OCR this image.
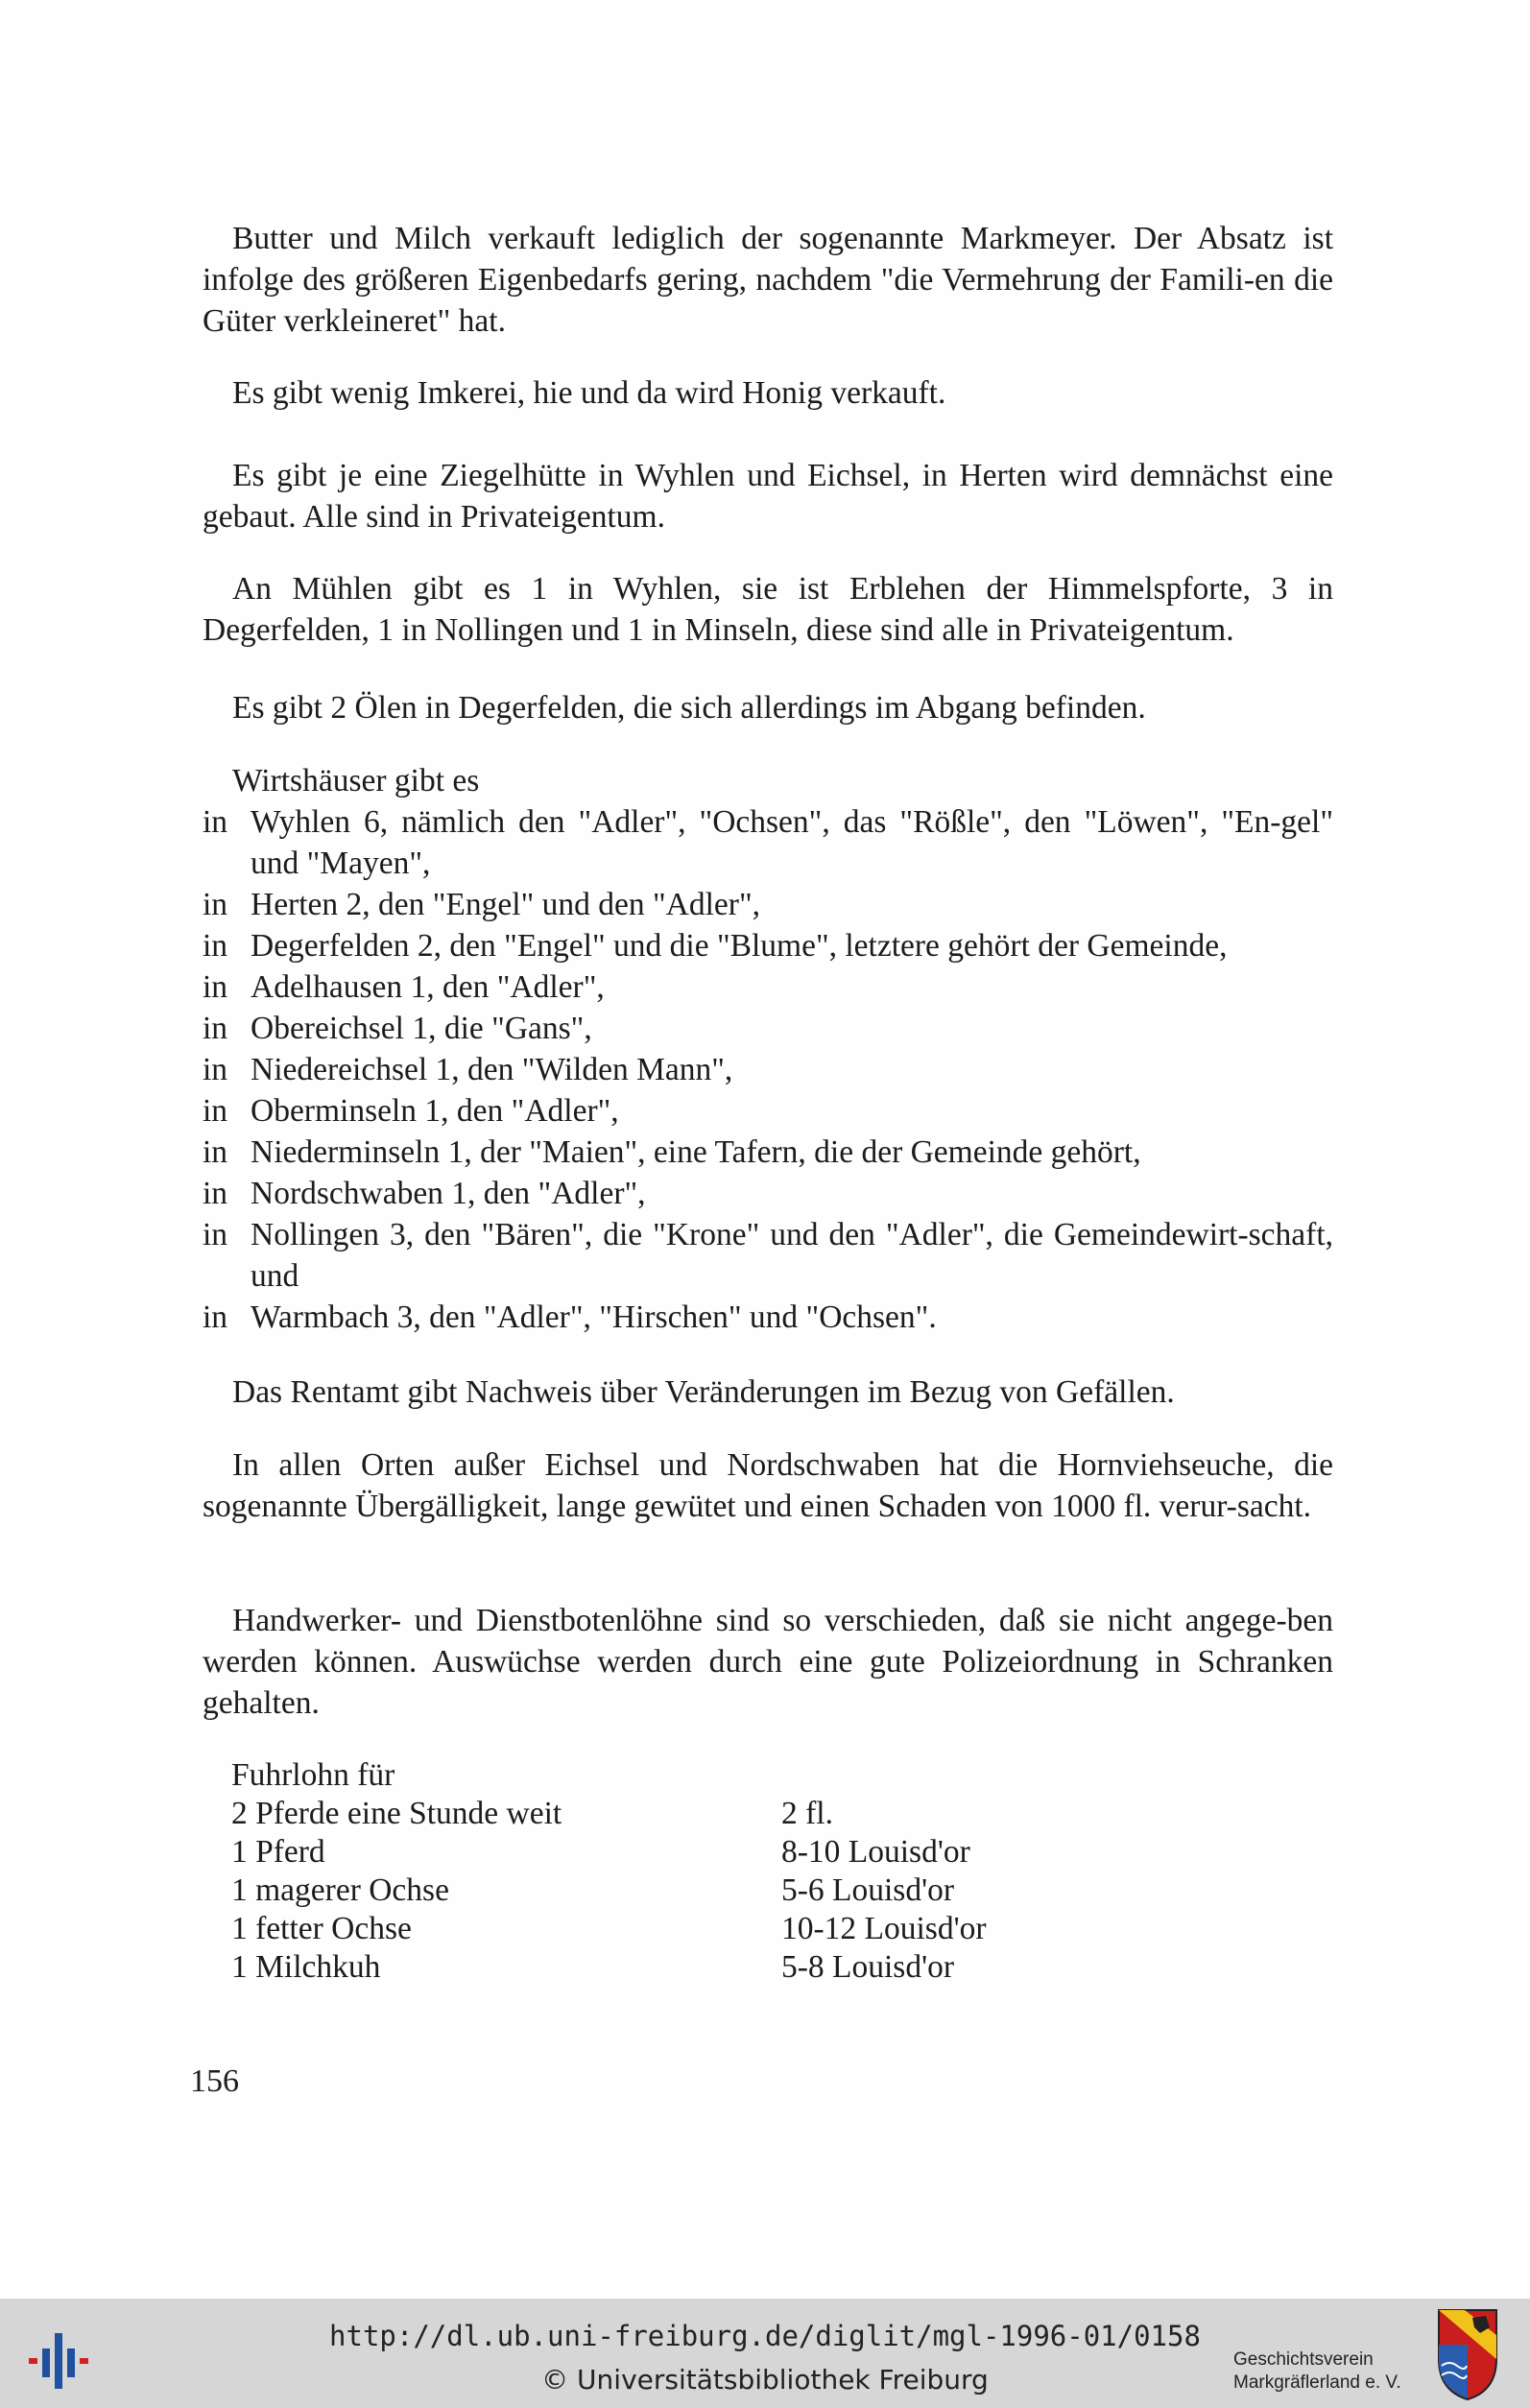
Butter und Milch verkauft lediglich der sogenannte Markmeyer. Der Absatz ist infolge des größeren Eigenbedarfs gering, nachdem "die Vermehrung der Famili-en die Güter verkleineret" hat.

Es gibt wenig Imkerei, hie und da wird Honig verkauft.

Es gibt je eine Ziegelhütte in Wyhlen und Eichsel, in Herten wird demnächst eine gebaut. Alle sind in Privateigentum.

An Mühlen gibt es 1 in Wyhlen, sie ist Erblehen der Himmelspforte, 3 in Degerfelden, 1 in Nollingen und 1 in Minseln, diese sind alle in Privateigentum.

Es gibt 2 Ölen in Degerfelden, die sich allerdings im Abgang befinden.

Wirtshäuser gibt es

in Wyhlen 6, nämlich den "Adler", "Ochsen", das "Rößle", den "Löwen", "En-gel" und "Mayen",
in Herten 2, den "Engel" und den "Adler",
in Degerfelden 2, den "Engel" und die "Blume", letztere gehört der Gemeinde,
in Adelhausen 1, den "Adler",
in Obereichsel 1, die "Gans",
in Niedereichsel 1, den "Wilden Mann",
in Oberminseln 1, den "Adler",
in Niederminseln 1, der "Maien", eine Tafern, die der Gemeinde gehört,
in Nordschwaben 1, den "Adler",
in Nollingen 3, den "Bären", die "Krone" und den "Adler", die Gemeindewirt-schaft, und
in Warmbach 3, den "Adler", "Hirschen" und "Ochsen".

Das Rentamt gibt Nachweis über Veränderungen im Bezug von Gefällen.

In allen Orten außer Eichsel und Nordschwaben hat die Hornviehseuche, die sogenannte Übergälligkeit, lange gewütet und einen Schaden von 1000 fl. verur-sacht.

Handwerker- und Dienstbotenlöhne sind so verschieden, daß sie nicht angege-ben werden können. Auswüchse werden durch eine gute Polizeiordnung in Schranken gehalten.

Fuhrlohn für
2 Pferde eine Stunde weit	2 fl.
1 Pferd	8-10 Louisd'or
1 magerer Ochse	5-6 Louisd'or
1 fetter Ochse	10-12 Louisd'or
1 Milchkuh	5-8 Louisd'or
156
http://dl.ub.uni-freiburg.de/diglit/mgl-1996-01/0158
© Universitätsbibliothek Freiburg
Geschichtsverein
Markgräflerland e. V.
